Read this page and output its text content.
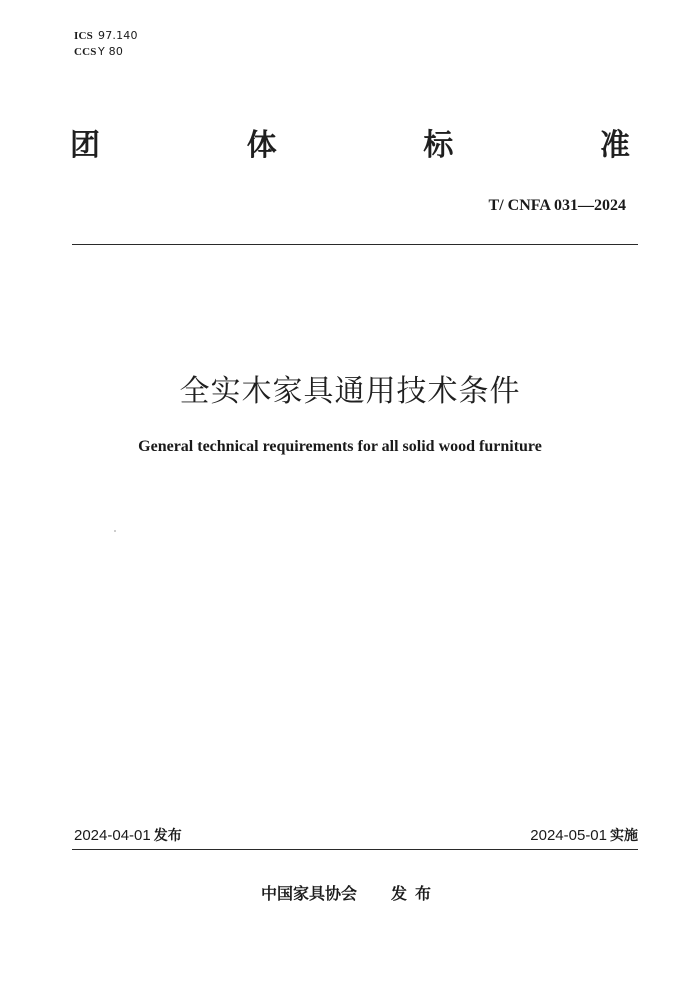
ICS 97.140
CCSY 80
团	体	标	准
T/ CNFA 031—2024
全实木家具通用技术条件
General technical requirements for all solid wood furniture
2024-04-01 发布	2024-05-01 实施
中国家具协会 发布
